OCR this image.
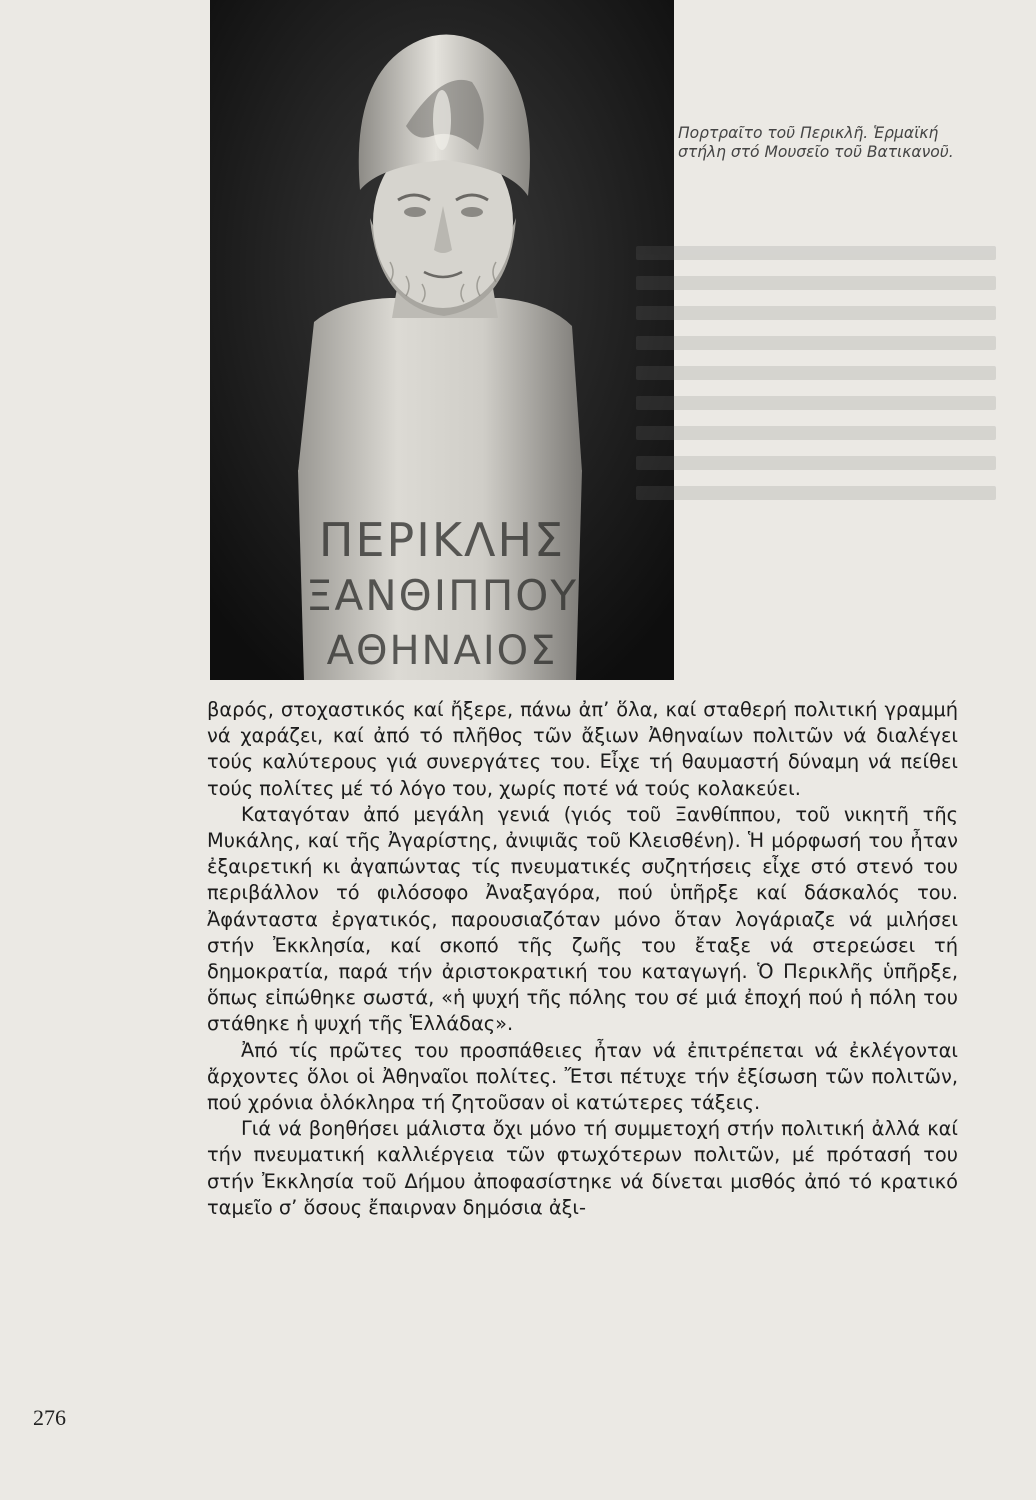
ΠΕΡΙΚΛΗΣ
ΞΑΝΘΙΠΠΟΥ
ΑΘΗΝΑΙΟΣ

Πορτραῖτο τοῦ Περικλῆ. Ἑρμαϊκή στήλη στό Μουσεῖο τοῦ Βατικανοῦ.

βαρός, στοχαστικός καί ἤξερε, πάνω ἀπ’ ὅλα, καί σταθερή πολιτική γραμμή νά χαράζει, καί ἀπό τό πλῆθος τῶν ἄξιων Ἀθηναίων πολιτῶν νά διαλέγει τούς καλύτερους γιά συνεργάτες του. Εἶχε τή θαυμαστή δύναμη νά πείθει τούς πολίτες μέ τό λόγο του, χωρίς ποτέ νά τούς κολακεύει.

Καταγόταν ἀπό μεγάλη γενιά (γιός τοῦ Ξανθίππου, τοῦ νικητῆ τῆς Μυκάλης, καί τῆς Ἀγαρίστης, ἀνιψιᾶς τοῦ Κλεισθένη). Ἡ μόρφωσή του ἦταν ἐξαιρετική κι ἀγαπώντας τίς πνευματικές συζητήσεις εἶχε στό στενό του περιβάλλον τό φιλόσοφο Ἀναξαγόρα, πού ὑπῆρξε καί δάσκαλός του. Ἀφάνταστα ἐργατικός, παρουσιαζόταν μόνο ὅταν λογάριαζε νά μιλήσει στήν Ἐκκλησία, καί σκοπό τῆς ζωῆς του ἔταξε νά στερεώσει τή δημοκρατία, παρά τήν ἀριστοκρατική του καταγωγή. Ὁ Περικλῆς ὑπῆρξε, ὅπως εἰπώθηκε σωστά, «ἡ ψυχή τῆς πόλης του σέ μιά ἐποχή πού ἡ πόλη του στάθηκε ἡ ψυχή τῆς Ἑλλάδας».

Ἀπό τίς πρῶτες του προσπάθειες ἦταν νά ἐπιτρέπεται νά ἐκλέγονται ἄρχοντες ὅλοι οἱ Ἀθηναῖοι πολίτες. Ἔτσι πέτυχε τήν ἐξίσωση τῶν πολιτῶν, πού χρόνια ὁλόκληρα τή ζητοῦσαν οἱ κατώτερες τάξεις.

Γιά νά βοηθήσει μάλιστα ὄχι μόνο τή συμμετοχή στήν πολιτική ἀλλά καί τήν πνευματική καλλιέργεια τῶν φτωχότερων πολιτῶν, μέ πρότασή του στήν Ἐκκλησία τοῦ Δήμου ἀποφασίστηκε νά δίνεται μισθός ἀπό τό κρατικό ταμεῖο σ’ ὅσους ἔπαιρναν δημόσια ἀξι-

276
